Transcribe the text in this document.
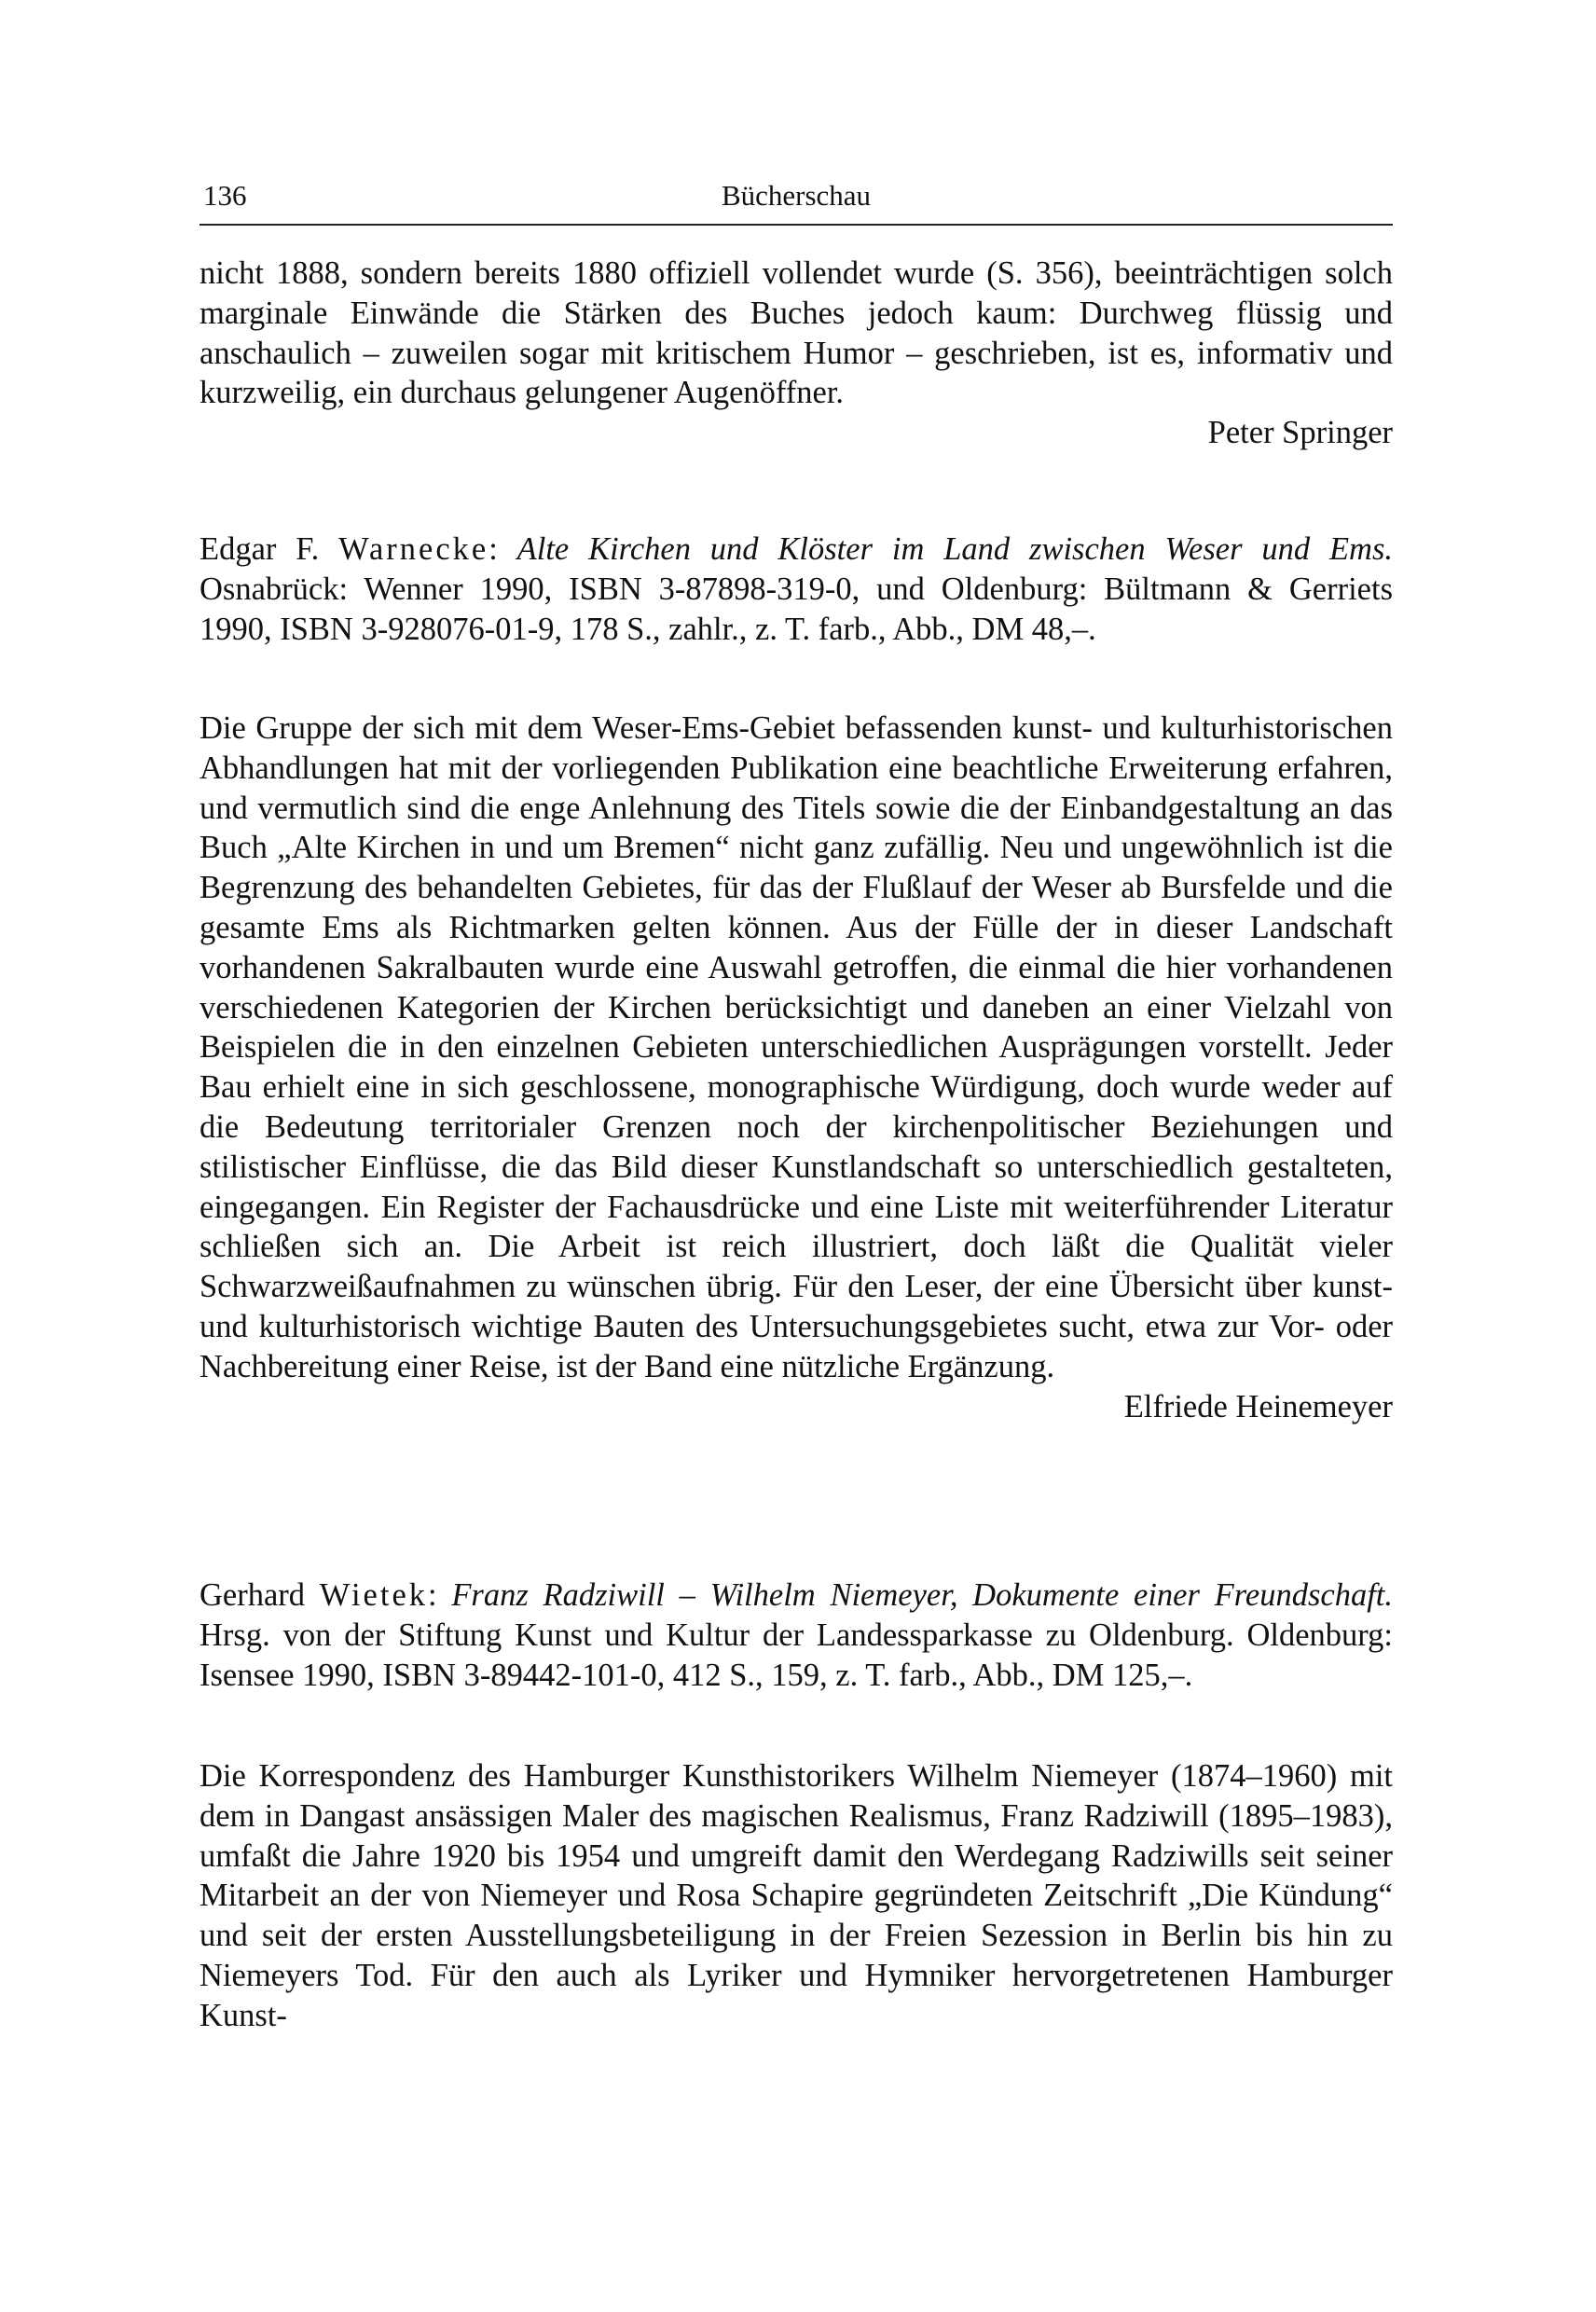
136	Bücherschau

nicht 1888, sondern bereits 1880 offiziell vollendet wurde (S. 356), beeinträchtigen solch marginale Einwände die Stärken des Buches jedoch kaum: Durchweg flüssig und anschaulich – zuweilen sogar mit kritischem Humor – geschrieben, ist es, informativ und kurzweilig, ein durchaus gelungener Augenöffner.

Peter Springer

Edgar F. Warnecke: Alte Kirchen und Klöster im Land zwischen Weser und Ems. Osnabrück: Wenner 1990, ISBN 3-87898-319-0, und Oldenburg: Bültmann & Gerriets 1990, ISBN 3-928076-01-9, 178 S., zahlr., z. T. farb., Abb., DM 48,–.

Die Gruppe der sich mit dem Weser-Ems-Gebiet befassenden kunst- und kulturhistorischen Abhandlungen hat mit der vorliegenden Publikation eine beachtliche Erweiterung erfahren, und vermutlich sind die enge Anlehnung des Titels sowie die der Einbandgestaltung an das Buch „Alte Kirchen in und um Bremen“ nicht ganz zufällig. Neu und ungewöhnlich ist die Begrenzung des behandelten Gebietes, für das der Flußlauf der Weser ab Bursfelde und die gesamte Ems als Richtmarken gelten können. Aus der Fülle der in dieser Landschaft vorhandenen Sakralbauten wurde eine Auswahl getroffen, die einmal die hier vorhandenen verschiedenen Kategorien der Kirchen berücksichtigt und daneben an einer Vielzahl von Beispielen die in den einzelnen Gebieten unterschiedlichen Ausprägungen vorstellt. Jeder Bau erhielt eine in sich geschlossene, monographische Würdigung, doch wurde weder auf die Bedeutung territorialer Grenzen noch der kirchenpolitischer Beziehungen und stilistischer Einflüsse, die das Bild dieser Kunstlandschaft so unterschiedlich gestalteten, eingegangen. Ein Register der Fachausdrücke und eine Liste mit weiterführender Literatur schließen sich an. Die Arbeit ist reich illustriert, doch läßt die Qualität vieler Schwarzweißaufnahmen zu wünschen übrig. Für den Leser, der eine Übersicht über kunst- und kulturhistorisch wichtige Bauten des Untersuchungsgebietes sucht, etwa zur Vor- oder Nachbereitung einer Reise, ist der Band eine nützliche Ergänzung.

Elfriede Heinemeyer

Gerhard Wietek: Franz Radziwill – Wilhelm Niemeyer, Dokumente einer Freundschaft. Hrsg. von der Stiftung Kunst und Kultur der Landessparkasse zu Oldenburg. Oldenburg: Isensee 1990, ISBN 3-89442-101-0, 412 S., 159, z. T. farb., Abb., DM 125,–.

Die Korrespondenz des Hamburger Kunsthistorikers Wilhelm Niemeyer (1874–1960) mit dem in Dangast ansässigen Maler des magischen Realismus, Franz Radziwill (1895–1983), umfaßt die Jahre 1920 bis 1954 und umgreift damit den Werdegang Radziwills seit seiner Mitarbeit an der von Niemeyer und Rosa Schapire gegründeten Zeitschrift „Die Kündung“ und seit der ersten Ausstellungsbeteiligung in der Freien Sezession in Berlin bis hin zu Niemeyers Tod. Für den auch als Lyriker und Hymniker hervorgetretenen Hamburger Kunst-
